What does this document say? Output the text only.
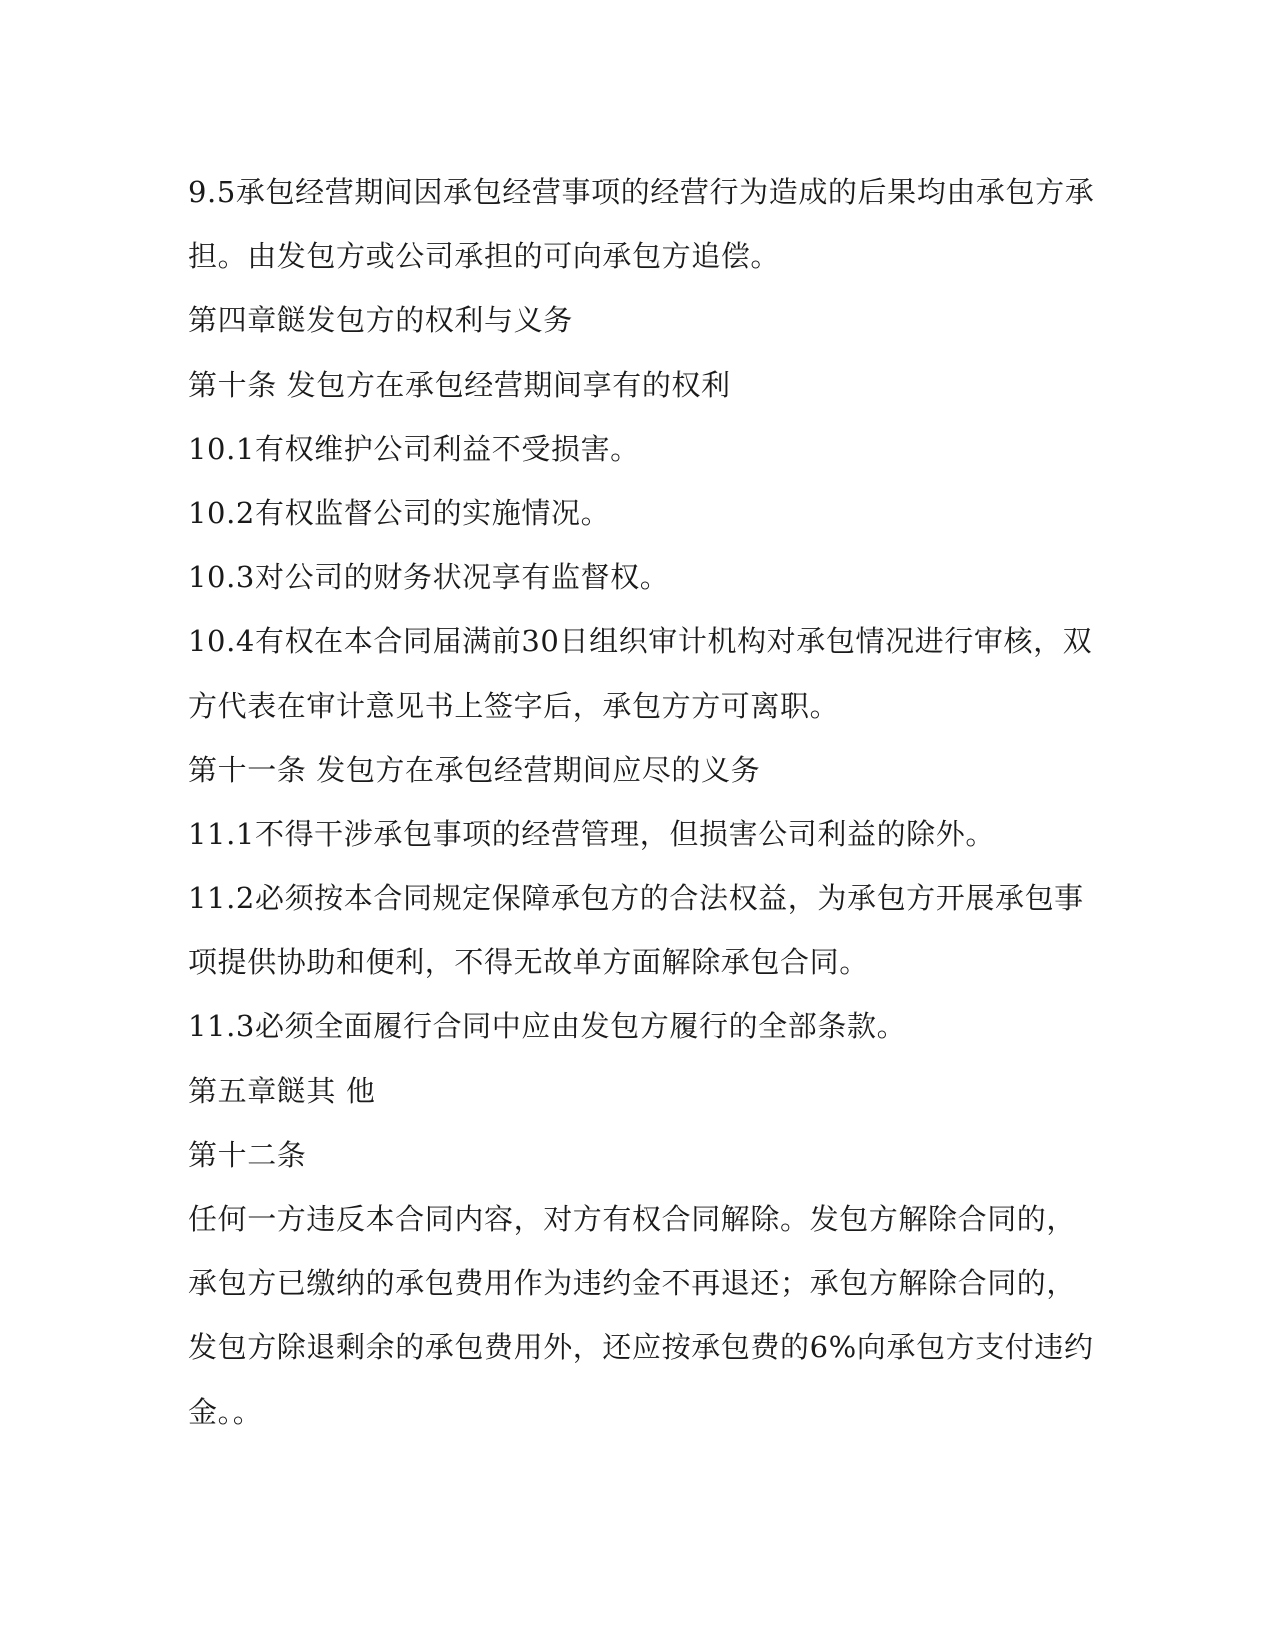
9.5承包经营期间因承包经营事项的经营行为造成的后果均由承包方承
担。由发包方或公司承担的可向承包方追偿。
第四章餸发包方的权利与义务
第十条 发包方在承包经营期间享有的权利
10.1有权维护公司利益不受损害。
10.2有权监督公司的实施情况。
10.3对公司的财务状况享有监督权。
10.4有权在本合同届满前30日组织审计机构对承包情况进行审核，双
方代表在审计意见书上签字后，承包方方可离职。
第十一条 发包方在承包经营期间应尽的义务
11.1不得干涉承包事项的经营管理，但损害公司利益的除外。
11.2必须按本合同规定保障承包方的合法权益，为承包方开展承包事
项提供协助和便利，不得无故单方面解除承包合同。
11.3必须全面履行合同中应由发包方履行的全部条款。
第五章餸其 他
第十二条
任何一方违反本合同内容，对方有权合同解除。发包方解除合同的，
承包方已缴纳的承包费用作为违约金不再退还；承包方解除合同的，
发包方除退剩余的承包费用外，还应按承包费的6%向承包方支付违约
金。。
